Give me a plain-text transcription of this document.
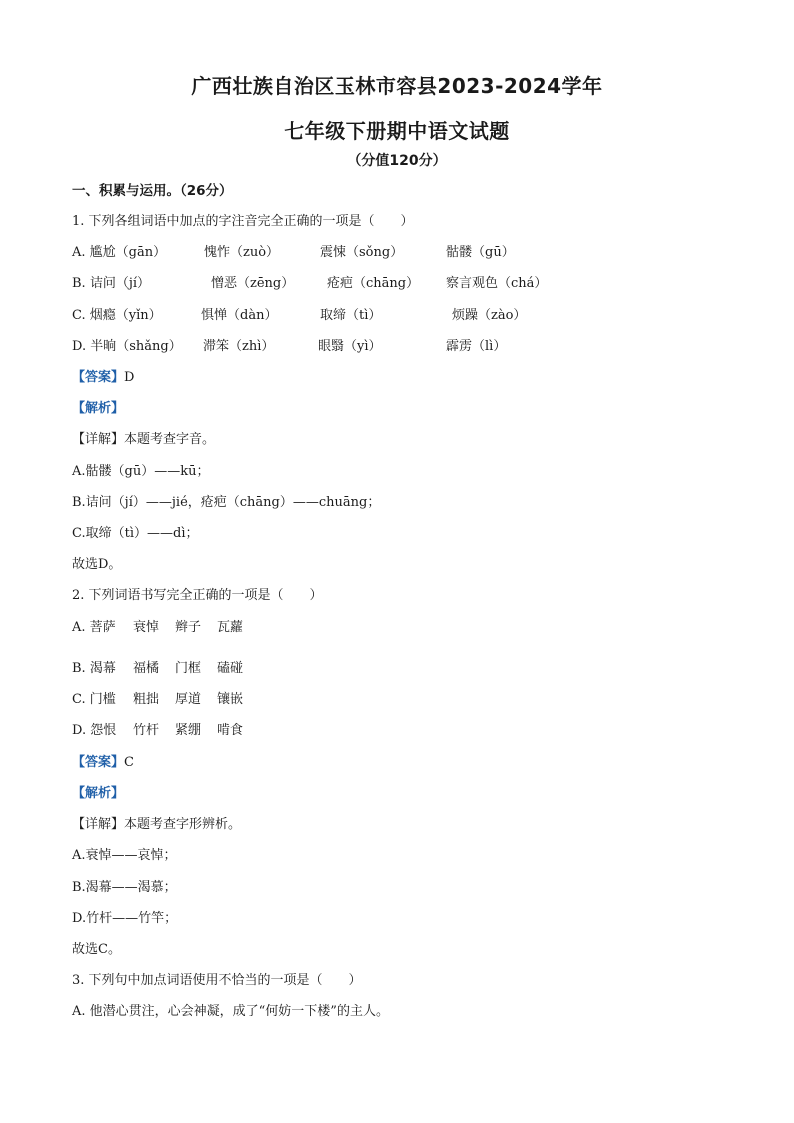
广西壮族自治区玉林市容县2023-2024学年
七年级下册期中语文试题
（分值120分）
一、积累与运用。（26分）
1. 下列各组词语中加点的字注音完全正确的一项是（　　）
A. 尴尬（gān）	愧怍（zuò）	震悚（sǒng）	骷髅（gū）
B. 诘问（jí）	憎恶（zēng）	疮疤（chāng） 察言观色（chá）
C. 烟瘾（yǐn）	惧惮（dàn）	取缔（tì）	烦躁（zào）
D. 半晌（shǎng） 滞笨（zhì）	眼翳（yì）	霹雳（lì）
【答案】D
【解析】
【详解】本题考查字音。
A.骷髅（gū）——kū；
B.诘问（jí）——jié，疮疤（chāng）——chuāng；
C.取缔（tì）——dì；
故选D。
2. 下列词语书写完全正确的一项是（　　）
A. 菩萨 衰悼 辫子 瓦蘿
B. 渴幕 福橘 门框 磕碰
C. 门槛 粗拙 厚道 镶嵌
D. 怨恨 竹杆 紧绷 啃食
【答案】C
【解析】
【详解】本题考查字形辨析。
A.衰悼——哀悼；
B.渴幕——渴慕；
D.竹杆——竹竿；
故选C。
3. 下列句中加点词语使用不恰当的一项是（　　）
A. 他潜心贯注，心会神凝，成了“何妨一下楼”的主人。
